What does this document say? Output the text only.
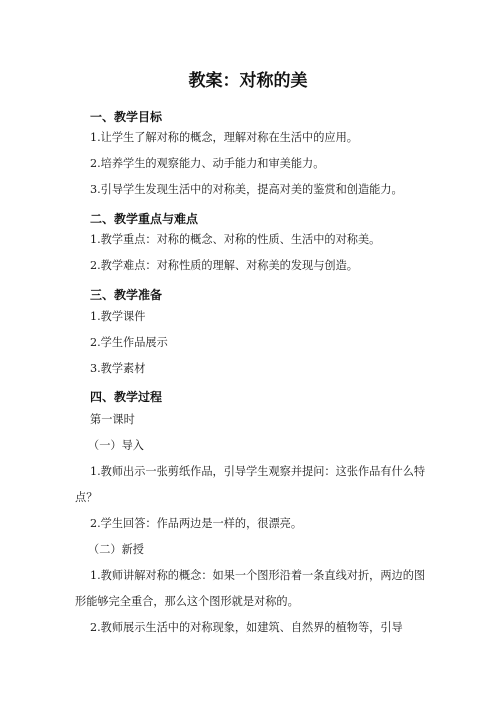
教案：对称的美
一、教学目标
1.让学生了解对称的概念，理解对称在生活中的应用。
2.培养学生的观察能力、动手能力和审美能力。
3.引导学生发现生活中的对称美，提高对美的鉴赏和创造能力。
二、教学重点与难点
1.教学重点：对称的概念、对称的性质、生活中的对称美。
2.教学难点：对称性质的理解、对称美的发现与创造。
三、教学准备
1.教学课件
2.学生作品展示
3.教学素材
四、教学过程
第一课时
（一）导入
1.教师出示一张剪纸作品，引导学生观察并提问：这张作品有什么特点？
2.学生回答：作品两边是一样的，很漂亮。
（二）新授
1.教师讲解对称的概念：如果一个图形沿着一条直线对折，两边的图形能够完全重合，那么这个图形就是对称的。
2.教师展示生活中的对称现象，如建筑、自然界的植物等，引导
